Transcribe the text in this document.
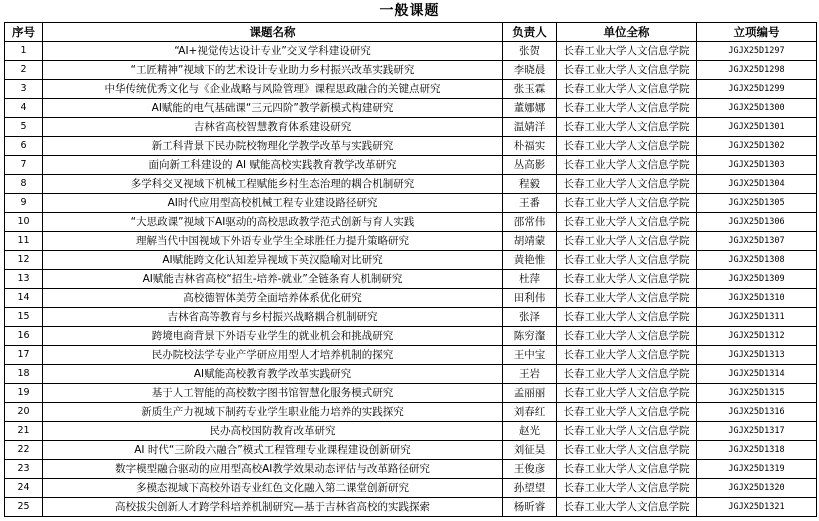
一般课题
序号	课题名称	负责人	单位全称	立项编号
1	“AI+视觉传达设计专业”交叉学科建设研究	张贺	长春工业大学人文信息学院	JGJX25D1297
2	“工匠精神”视域下的艺术设计专业助力乡村振兴改革实践研究	李晓晨	长春工业大学人文信息学院	JGJX25D1298
3	中华传统优秀文化与《企业战略与风险管理》课程思政融合的关键点研究	张玉霖	长春工业大学人文信息学院	JGJX25D1299
4	AI赋能的电气基础课“三元四阶”教学新模式构建研究	董娜娜	长春工业大学人文信息学院	JGJX25D1300
5	吉林省高校智慧教育体系建设研究	温婧洋	长春工业大学人文信息学院	JGJX25D1301
6	新工科背景下民办院校物理化学教学改革与实践研究	朴福实	长春工业大学人文信息学院	JGJX25D1302
7	面向新工科建设的 AI 赋能高校实践教育教学改革研究	丛高影	长春工业大学人文信息学院	JGJX25D1303
8	多学科交叉视域下机械工程赋能乡村生态治理的耦合机制研究	程毅	长春工业大学人文信息学院	JGJX25D1304
9	AI时代应用型高校机械工程专业建设路径研究	王番	长春工业大学人文信息学院	JGJX25D1305
10	“大思政课”视域下AI驱动的高校思政教学范式创新与育人实践	邵常伟	长春工业大学人文信息学院	JGJX25D1306
11	理解当代中国视域下外语专业学生全球胜任力提升策略研究	胡靖蒙	长春工业大学人文信息学院	JGJX25D1307
12	AI赋能跨文化认知差异视域下英汉隐喻对比研究	黄艳惟	长春工业大学人文信息学院	JGJX25D1308
13	AI赋能吉林省高校“招生-培养-就业”全链条育人机制研究	杜萍	长春工业大学人文信息学院	JGJX25D1309
14	高校德智体美劳全面培养体系优化研究	田利伟	长春工业大学人文信息学院	JGJX25D1310
15	吉林省高等教育与乡村振兴战略耦合机制研究	张泽	长春工业大学人文信息学院	JGJX25D1311
16	跨境电商背景下外语专业学生的就业机会和挑战研究	陈穷瀣	长春工业大学人文信息学院	JGJX25D1312
17	民办院校法学专业产学研应用型人才培养机制的探究	王中宝	长春工业大学人文信息学院	JGJX25D1313
18	AI赋能高校教育教学改革实践研究	王岩	长春工业大学人文信息学院	JGJX25D1314
19	基于人工智能的高校数字图书馆智慧化服务模式研究	孟丽丽	长春工业大学人文信息学院	JGJX25D1315
20	新质生产力视域下制药专业学生职业能力培养的实践探究	刘春红	长春工业大学人文信息学院	JGJX25D1316
21	民办高校国防教育改革研究	赵光	长春工业大学人文信息学院	JGJX25D1317
22	AI 时代“三阶段六融合”模式工程管理专业课程建设创新研究	刘征昊	长春工业大学人文信息学院	JGJX25D1318
23	数字模型融合驱动的应用型高校AI教学效果动态评估与改革路径研究	王俊彦	长春工业大学人文信息学院	JGJX25D1319
24	多模态视域下高校外语专业红色文化融入第二课堂创新研究	孙望望	长春工业大学人文信息学院	JGJX25D1320
25	高校拔尖创新人才跨学科培养机制研究—基于吉林省高校的实践探索	杨昕睿	长春工业大学人文信息学院	JGJX25D1321
